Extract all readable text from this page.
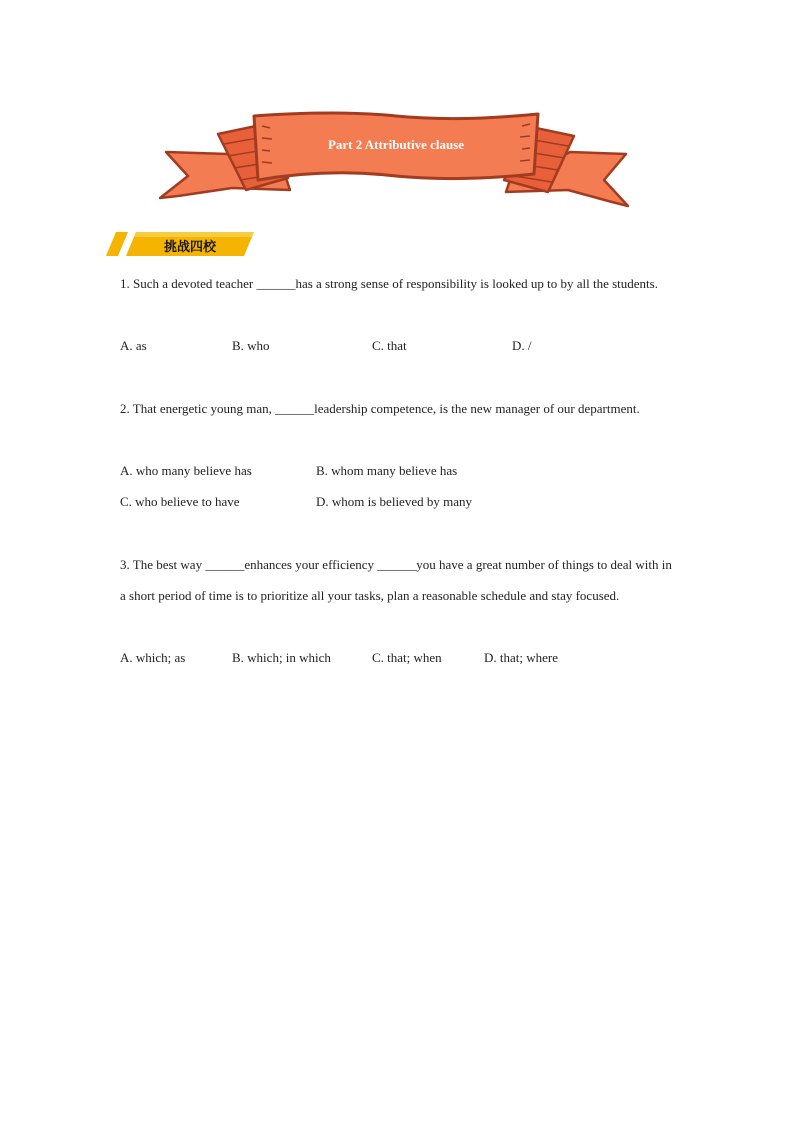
Part 2 Attributive clause
挑战四校
1. Such a devoted teacher ______has a strong sense of responsibility is looked up to by all the students.
A. as	B. who	C. that	D. /
2. That energetic young man, ______leadership competence, is the new manager of our department.
A. who many believe has	B. whom many believe has
C. who believe to have	D. whom is believed by many
3. The best way ______enhances your efficiency ______you have a great number of things to deal with in a short period of time is to prioritize all your tasks, plan a reasonable schedule and stay focused.
A. which; as	B. which; in which	C. that; when	D. that; where
